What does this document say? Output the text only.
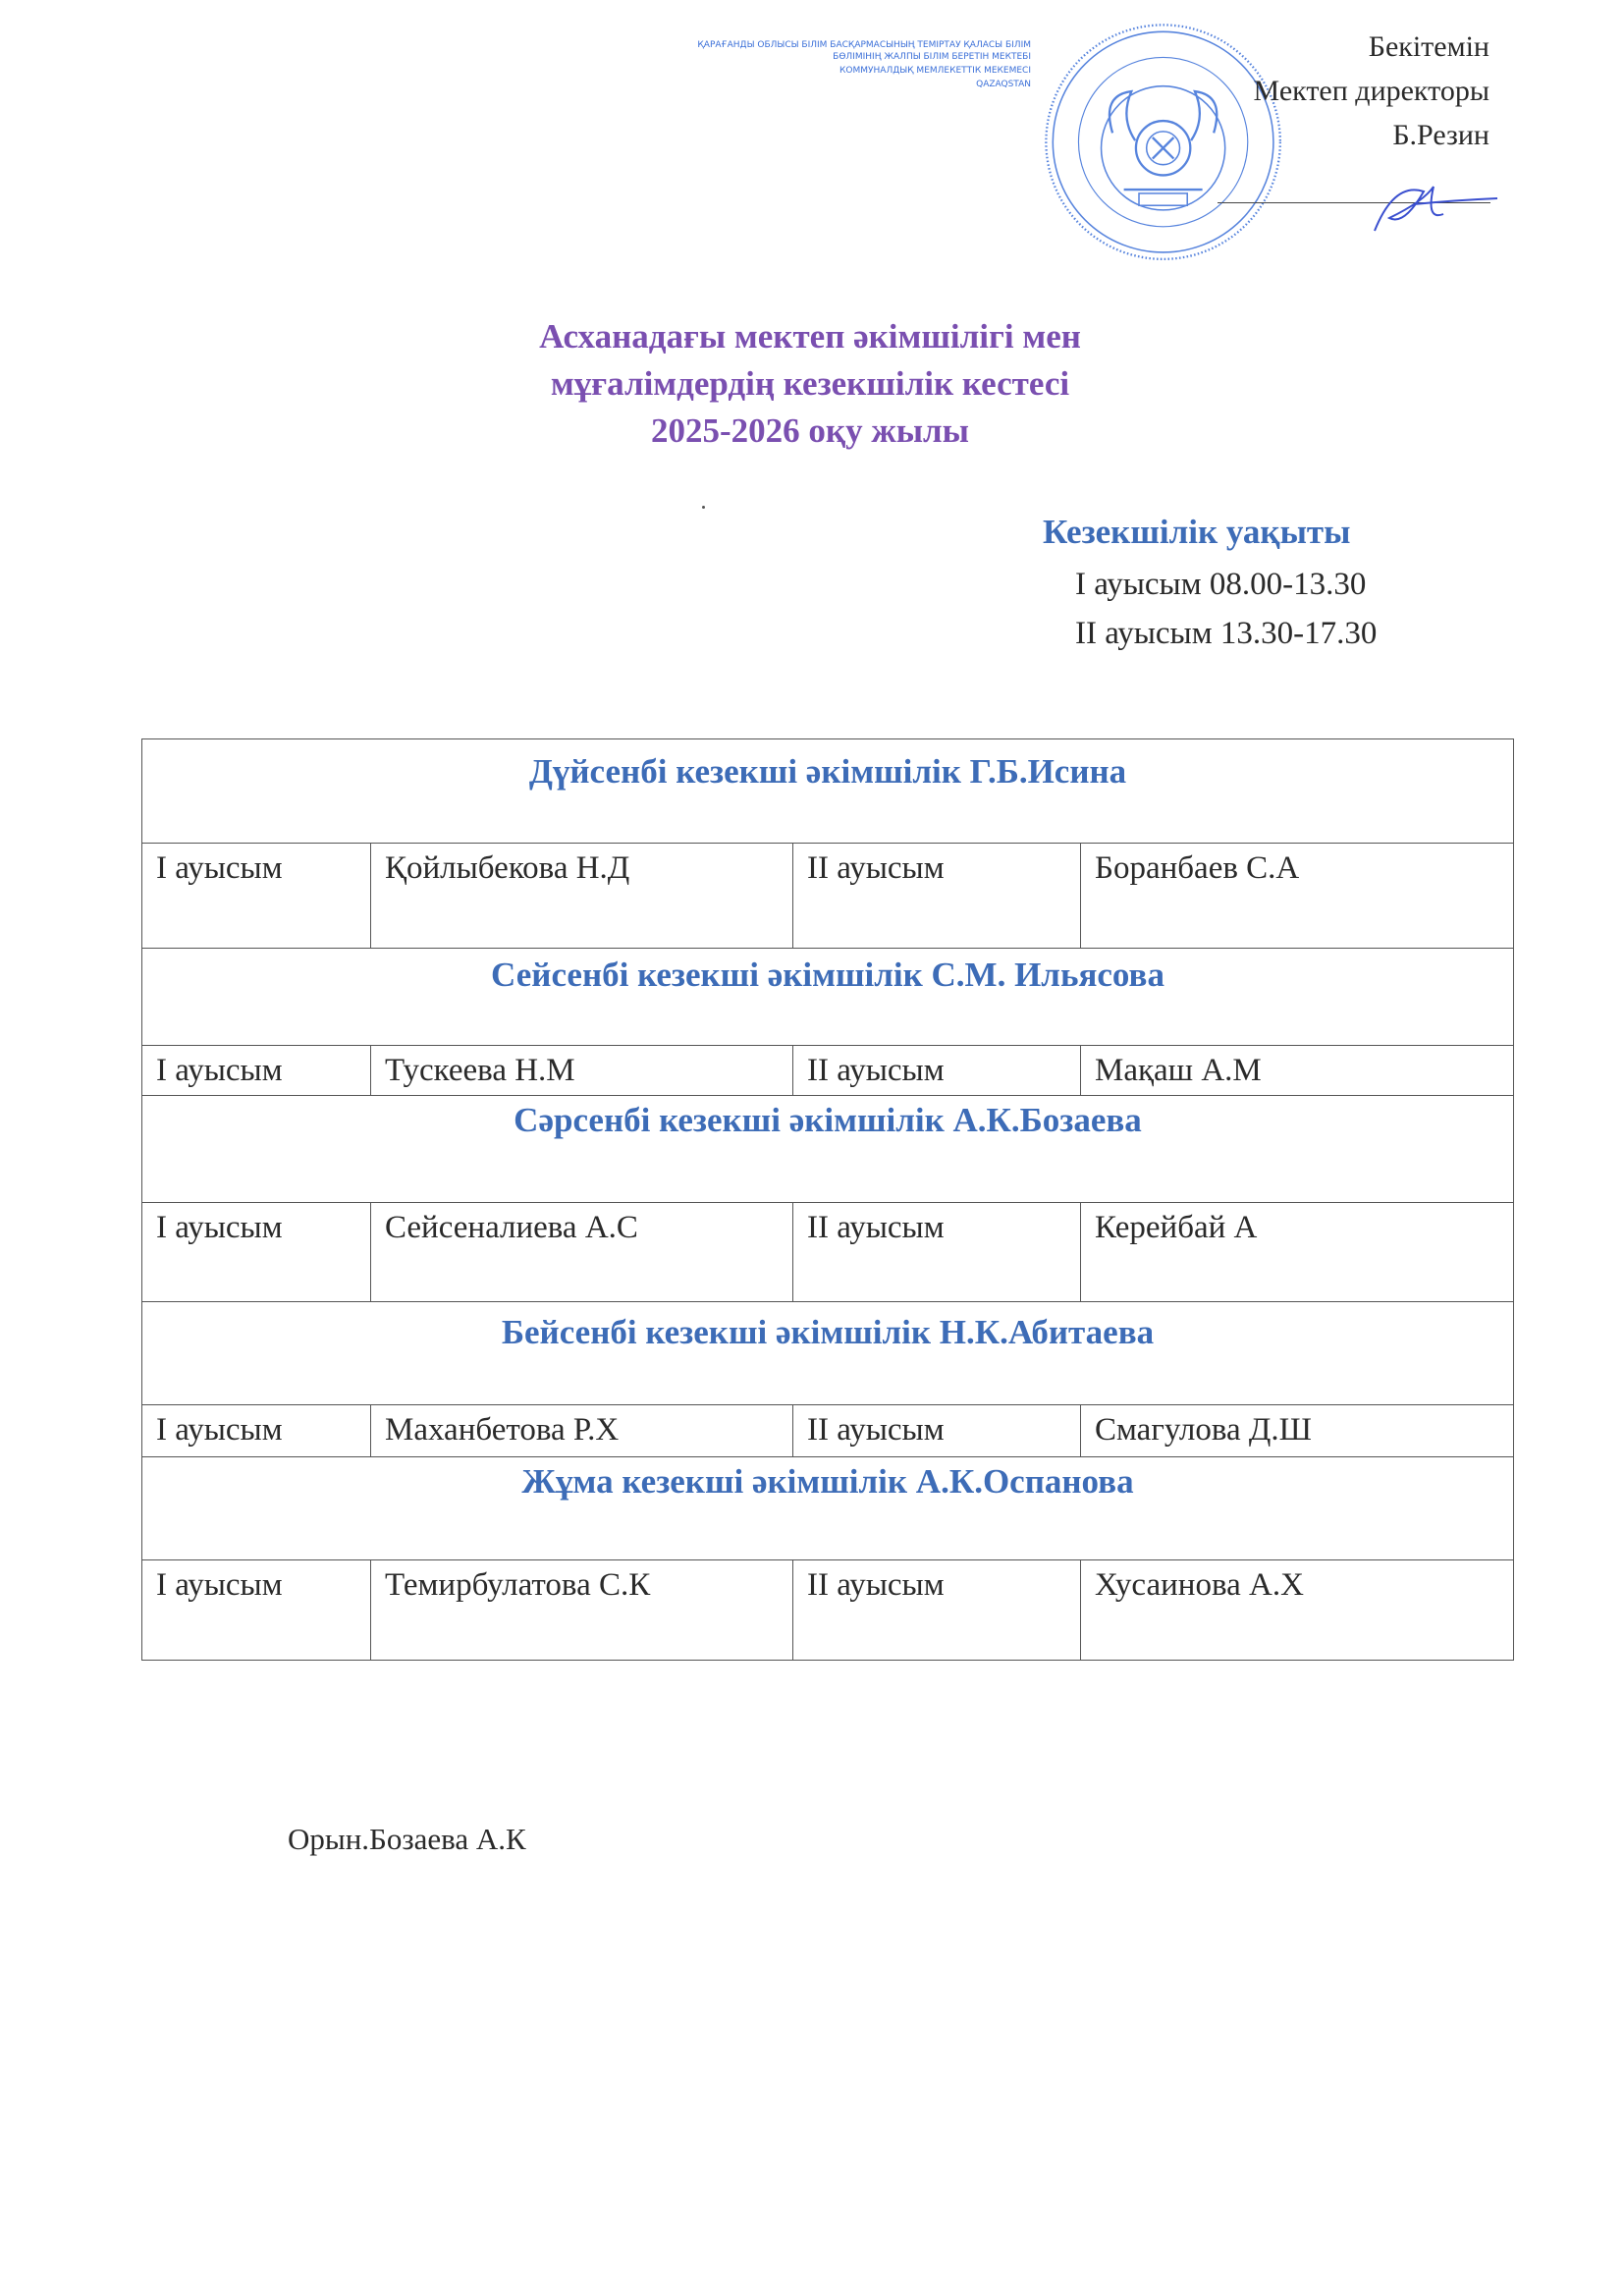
ҚАРАҒАНДЫ ОБЛЫСЫ БІЛІМ БАСҚАРМАСЫНЫҢ ТЕМІРТАУ ҚАЛАСЫ БІЛІМ БӨЛІМІНІҢ ЖАЛПЫ БІЛІМ БЕРЕТІН МЕКТЕБІ
КОММУНАЛДЫҚ МЕМЛЕКЕТТІК МЕКЕМЕСІ
QAZAQSTAN
Бекітемін
Мектеп директоры
Б.Резин
Асханадағы мектеп әкімшілігі мен
мұғалімдердің кезекшілік кестесі
2025-2026 оқу жылы
Кезекшілік уақыты
І ауысым 08.00-13.30
ІІ ауысым 13.30-17.30
Дүйсенбі кезекші әкімшілік Г.Б.Исина			
І ауысым	Қойлыбекова Н.Д	ІІ ауысым	Боранбаев С.А
Сейсенбі кезекші әкімшілік С.М. Ильясова			
І ауысым	Тускеева Н.М	ІІ ауысым	Мақаш А.М
Сәрсенбі кезекші әкімшілік А.К.Бозаева			
І ауысым	Сейсеналиева А.С	ІІ ауысым	Керейбай А
Бейсенбі кезекші әкімшілік Н.К.Абитаева			
І ауысым	Маханбетова Р.Х	ІІ ауысым	Смагулова Д.Ш
Жұма кезекші әкімшілік А.К.Оспанова			
І ауысым	Темирбулатова С.К	ІІ ауысым	Хусаинова А.Х
Орын.Бозаева А.К
